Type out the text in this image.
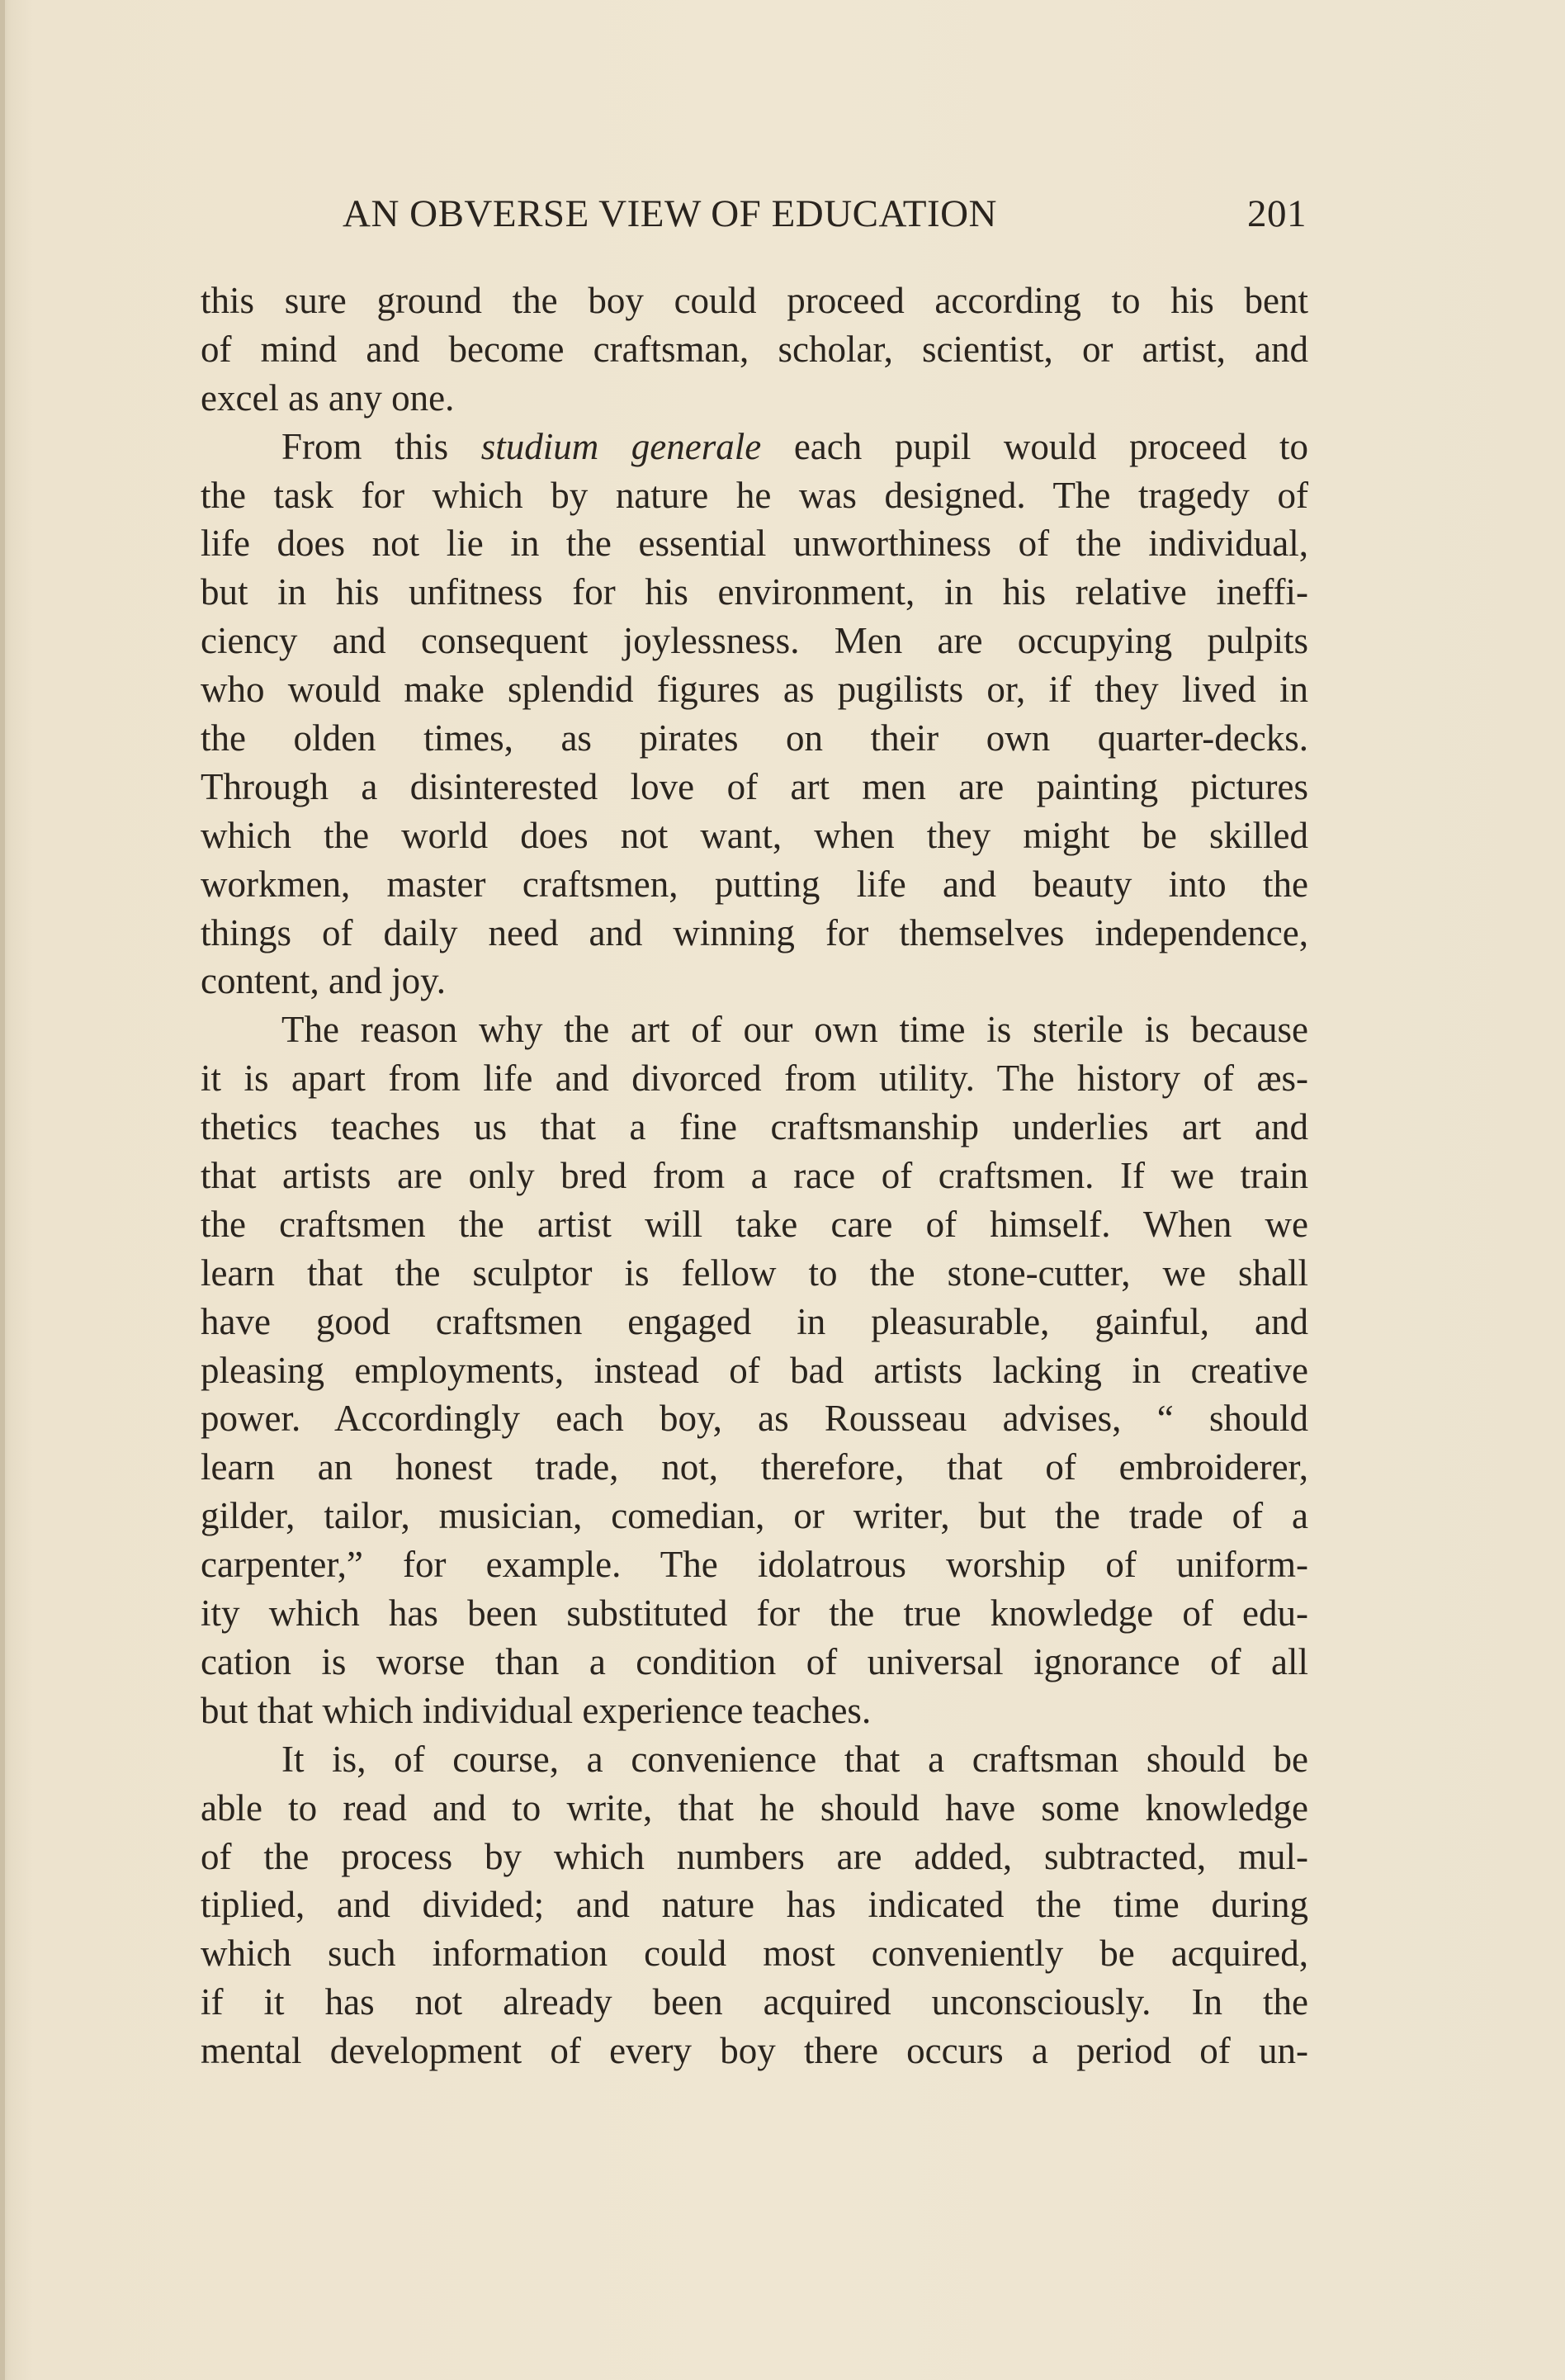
AN OBVERSE VIEW OF EDUCATION	201

this sure ground the boy could proceed according to his bent
of mind and become craftsman, scholar, scientist, or artist, and
excel as any one.

From this studium generale each pupil would proceed to
the task for which by nature he was designed. The tragedy of
life does not lie in the essential unworthiness of the individual,
but in his unfitness for his environment, in his relative ineffi-
ciency and consequent joylessness. Men are occupying pulpits
who would make splendid figures as pugilists or, if they lived in
the olden times, as pirates on their own quarter-decks.
Through a disinterested love of art men are painting pictures
which the world does not want, when they might be skilled
workmen, master craftsmen, putting life and beauty into the
things of daily need and winning for themselves independence,
content, and joy.

The reason why the art of our own time is sterile is because
it is apart from life and divorced from utility. The history of æs-
thetics teaches us that a fine craftsmanship underlies art and
that artists are only bred from a race of craftsmen. If we train
the craftsmen the artist will take care of himself. When we
learn that the sculptor is fellow to the stone-cutter, we shall
have good craftsmen engaged in pleasurable, gainful, and
pleasing employments, instead of bad artists lacking in creative
power. Accordingly each boy, as Rousseau advises, “ should
learn an honest trade, not, therefore, that of embroiderer,
gilder, tailor, musician, comedian, or writer, but the trade of a
carpenter,” for example. The idolatrous worship of uniform-
ity which has been substituted for the true knowledge of edu-
cation is worse than a condition of universal ignorance of all
but that which individual experience teaches.

It is, of course, a convenience that a craftsman should be
able to read and to write, that he should have some knowledge
of the process by which numbers are added, subtracted, mul-
tiplied, and divided; and nature has indicated the time during
which such information could most conveniently be acquired,
if it has not already been acquired unconsciously. In the
mental development of every boy there occurs a period of un-
